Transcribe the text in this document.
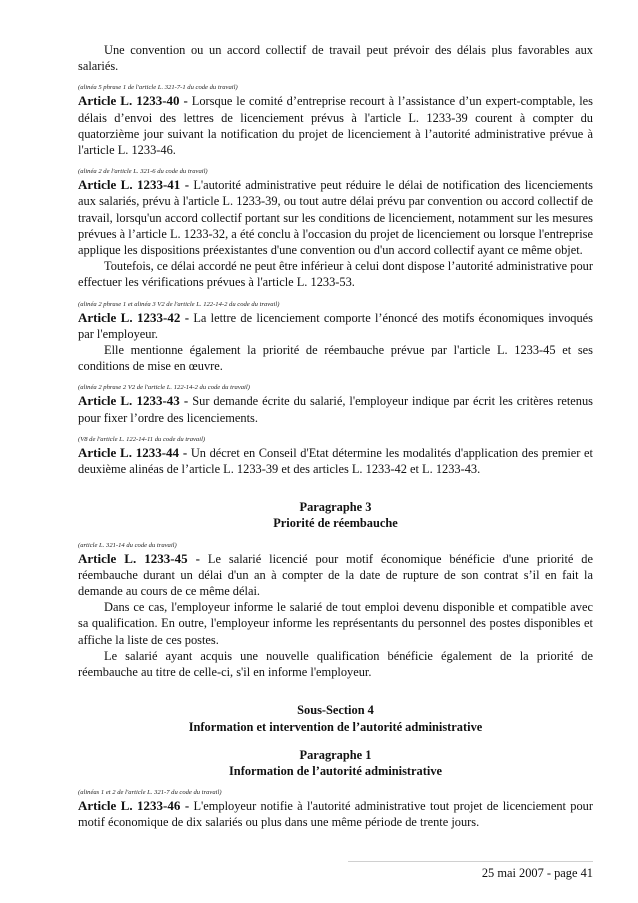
Une convention ou un accord collectif de travail peut prévoir des délais plus favorables aux salariés.

(alinéa 5 phrase 1 de l'article L. 321-7-1 du code du travail)

Article L. 1233-40 - Lorsque le comité d’entreprise recourt à l’assistance d’un expert-comptable, les délais d’envoi des lettres de licenciement prévus à l'article L. 1233-39 courent à compter du quatorzième jour suivant la notification du projet de licenciement à l’autorité administrative prévue à l'article L. 1233-46.

(alinéa 2 de l'article L. 321-6 du code du travail)

Article L. 1233-41 - L'autorité administrative peut réduire le délai de notification des licenciements aux salariés, prévu à l'article L. 1233-39, ou tout autre délai prévu par convention ou accord collectif de travail, lorsqu'un accord collectif portant sur les conditions de licenciement, notamment sur les mesures prévues à l’article L. 1233-32, a été conclu à l'occasion du projet de licenciement ou lorsque l'entreprise applique les dispositions préexistantes d'une convention ou d'un accord collectif ayant ce même objet.

Toutefois, ce délai accordé ne peut être inférieur à celui dont dispose l’autorité administrative pour effectuer les vérifications prévues à l'article L. 1233-53.

(alinéa 2 phrase 1 et alinéa 3 V2 de l'article L. 122-14-2 du code du travail)

Article L. 1233-42 - La lettre de licenciement comporte l’énoncé des motifs économiques invoqués par l'employeur.

Elle mentionne également la priorité de réembauche prévue par l'article L. 1233-45 et ses conditions de mise en œuvre.

(alinéa 2 phrase 2 V2 de l'article L. 122-14-2 du code du travail)

Article L. 1233-43 - Sur demande écrite du salarié, l'employeur indique par écrit les critères retenus pour fixer l’ordre des licenciements.

(V8 de l'article L. 122-14-11 du code du travail)

Article L. 1233-44 - Un décret en Conseil d'Etat détermine les modalités d'application des premier et deuxième alinéas de l’article L. 1233-39 et des articles L. 1233-42 et L. 1233-43.

Paragraphe 3

Priorité de réembauche

(article L. 321-14 du code du travail)

Article L. 1233-45 - Le salarié licencié pour motif économique bénéficie d'une priorité de réembauche durant un délai d'un an à compter de la date de rupture de son contrat s’il en fait la demande au cours de ce même délai.

Dans ce cas, l'employeur informe le salarié de tout emploi devenu disponible et compatible avec sa qualification. En outre, l'employeur informe les représentants du personnel des postes disponibles et affiche la liste de ces postes.

Le salarié ayant acquis une nouvelle qualification bénéficie également de la priorité de réembauche au titre de celle-ci, s'il en informe l'employeur.

Sous-Section 4

Information et intervention de l’autorité administrative

Paragraphe 1

Information de l’autorité administrative

(alinéas 1 et 2 de l'article L. 321-7 du code du travail)

Article L. 1233-46 - L'employeur notifie à l'autorité administrative tout projet de licenciement pour motif économique de dix salariés ou plus dans une même période de trente jours.

25 mai 2007 - page 41
